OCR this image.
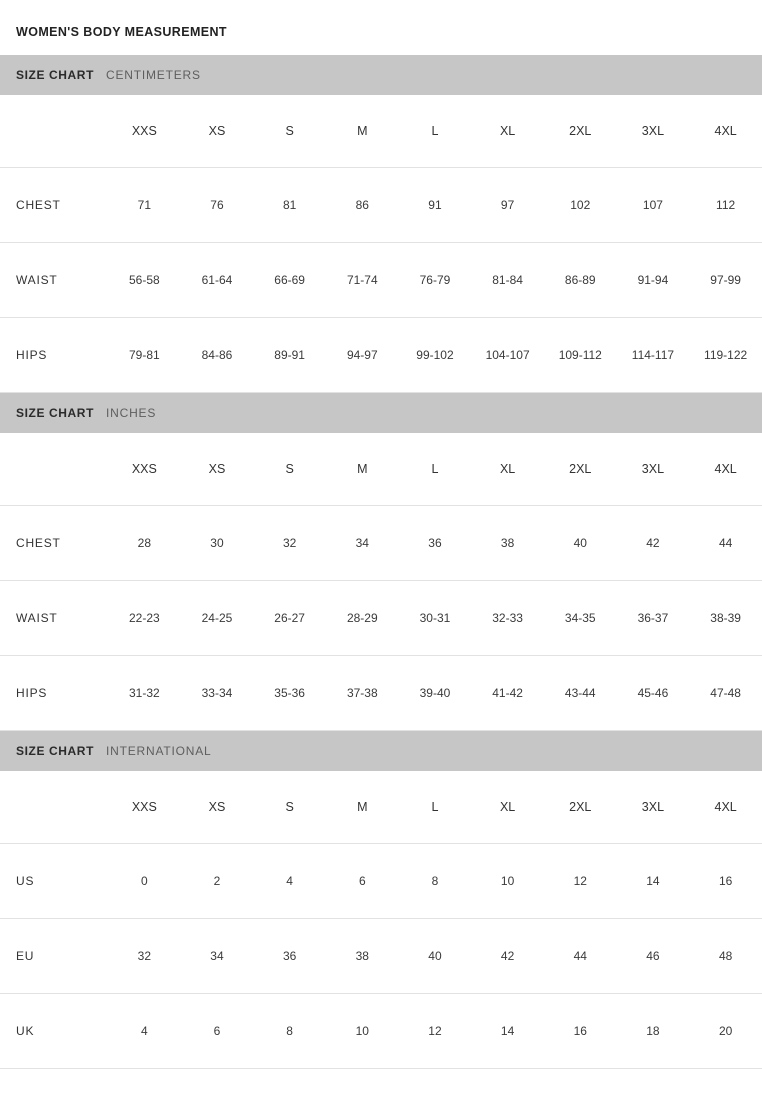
WOMEN'S BODY MEASUREMENT
SIZE CHART CENTIMETERS
	XXS	XS	S	M	L	XL	2XL	3XL	4XL
CHEST	71	76	81	86	91	97	102	107	112
WAIST	56-58	61-64	66-69	71-74	76-79	81-84	86-89	91-94	97-99
HIPS	79-81	84-86	89-91	94-97	99-102	104-107	109-112	114-117	119-122
SIZE CHART INCHES
	XXS	XS	S	M	L	XL	2XL	3XL	4XL
CHEST	28	30	32	34	36	38	40	42	44
WAIST	22-23	24-25	26-27	28-29	30-31	32-33	34-35	36-37	38-39
HIPS	31-32	33-34	35-36	37-38	39-40	41-42	43-44	45-46	47-48
SIZE CHART INTERNATIONAL
	XXS	XS	S	M	L	XL	2XL	3XL	4XL
US	0	2	4	6	8	10	12	14	16
EU	32	34	36	38	40	42	44	46	48
UK	4	6	8	10	12	14	16	18	20
